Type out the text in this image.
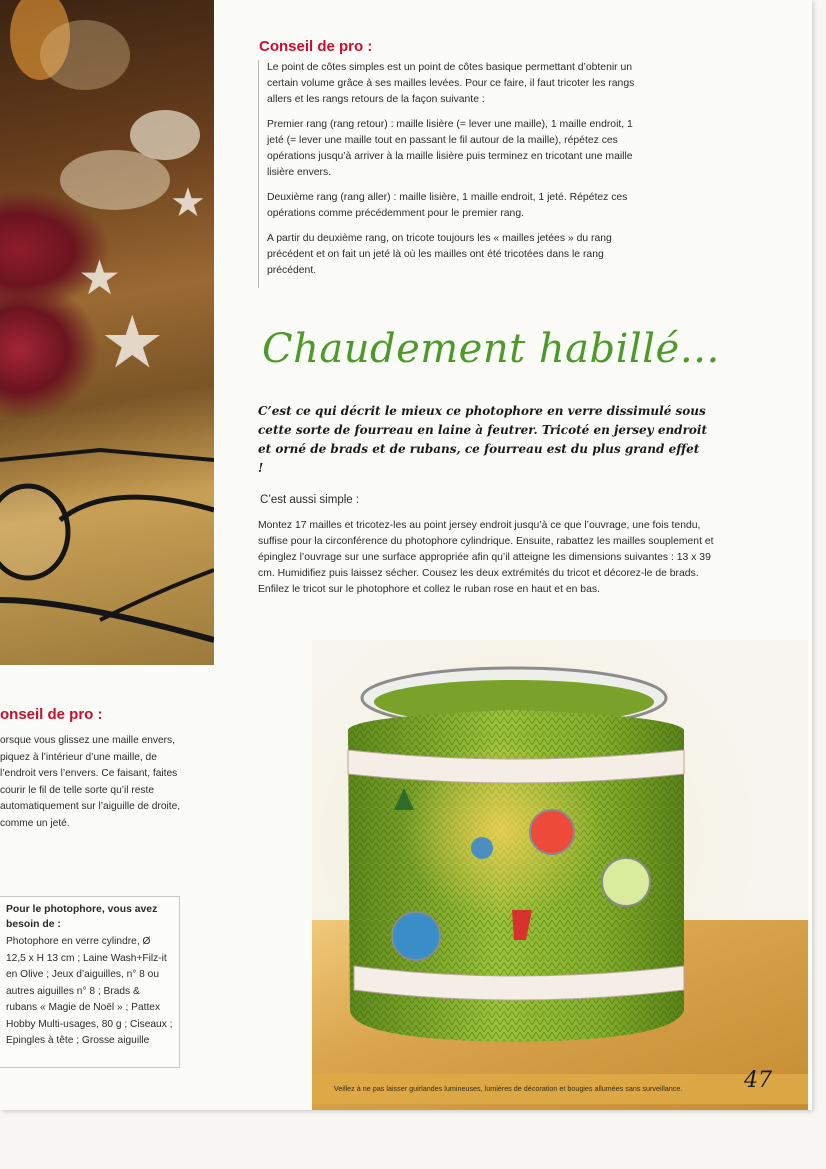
★
★
★
Conseil de pro :

Le point de côtes simples est un point de côtes basique permettant d’obtenir un certain volume grâce à ses mailles levées. Pour ce faire, il faut tricoter les rangs allers et les rangs retours de la façon suivante :

Premier rang (rang retour) : maille lisière (= lever une maille), 1 maille endroit, 1 jeté (= lever une maille tout en passant le fil autour de la maille), répétez ces opérations jusqu’à arriver à la maille lisière puis terminez en tricotant une maille lisière envers.

Deuxième rang (rang aller) : maille lisière, 1 maille endroit, 1 jeté. Répétez ces opérations comme précédemment pour le premier rang.

A partir du deuxième rang, on tricote toujours les « mailles jetées » du rang précédent et on fait un jeté là où les mailles ont été tricotées dans le rang précédent.

Chaudement habillé…

C’est ce qui décrit le mieux ce photophore en verre dissimulé sous cette sorte de fourreau en laine à feutrer. Tricoté en jersey endroit et orné de brads et de rubans, ce fourreau est du plus grand effet !

C’est aussi simple :

Montez 17 mailles et tricotez-les au point jersey endroit jusqu’à ce que l’ouvrage, une fois tendu, suffise pour la circonférence du photophore cylindrique. Ensuite, rabattez les mailles souplement et épinglez l’ouvrage sur une surface appropriée afin qu’il atteigne les dimensions suivantes : 13 x 39 cm. Humidifiez puis laissez sécher. Cousez les deux extrémités du tricot et décorez-le de brads. Enfilez le tricot sur le photophore et collez le ruban rose en haut et en bas.

onseil de pro :

orsque vous glissez une maille envers, piquez à l’intérieur d’une maille, de l’endroit vers l’envers. Ce faisant, faites courir le fil de telle sorte qu’il reste automatiquement sur l’aiguille de droite, comme un jeté.

Pour le photophore, vous avez besoin de :

Photophore en verre cylindre, Ø 12,5 x H 13 cm ; Laine Wash+Filz-it en Olive ; Jeux d’aiguilles, n° 8 ou autres aiguilles n° 8 ; Brads & rubans « Magie de Noël » ; Pattex Hobby Multi-usages, 80 g ; Ciseaux ; Epingles à tête ; Grosse aiguille

Veillez à ne pas laisser guirlandes lumineuses, lumières de décoration et bougies allumées sans surveillance.	47
